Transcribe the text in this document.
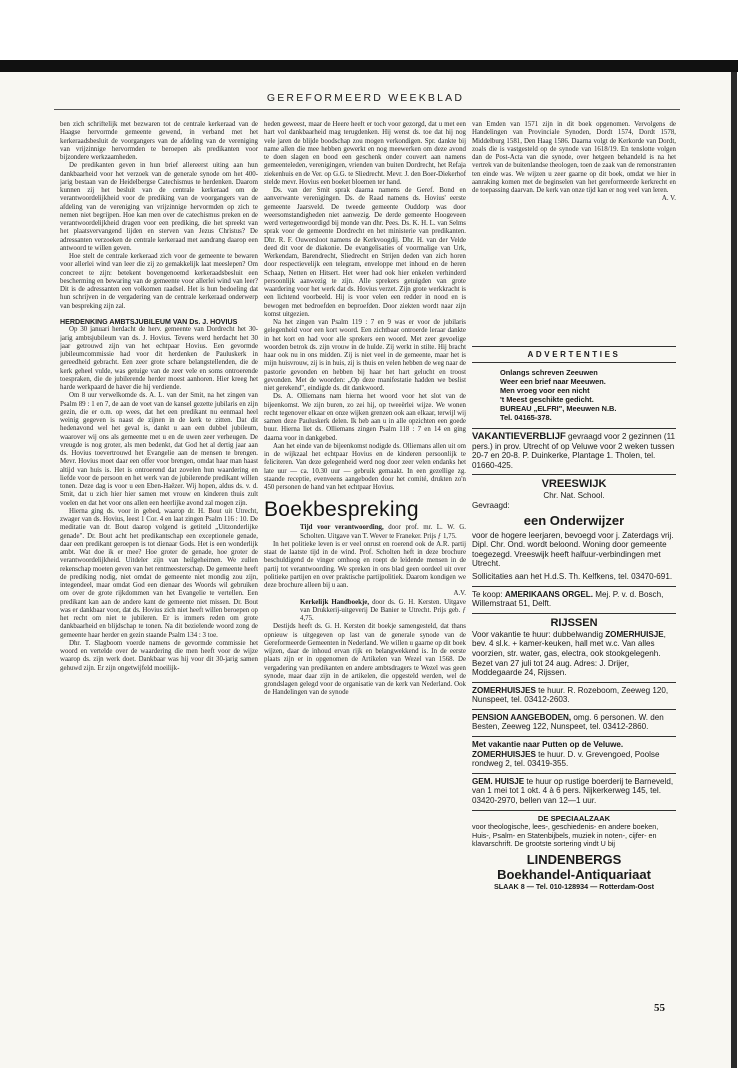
GEREFORMEERD WEEKBLAD

ben zich schriftelijk met bezwaren tot de centrale kerkeraad van de Haagse hervormde gemeente gewend, in verband met het kerkeraadsbesluit de voorgangers van de afdeling van de vereniging van vrijzinnige hervormden te beroepen als predikanten voor bijzondere werkzaamheden.

De predikanten geven in hun brief allereerst uiting aan hun dankbaarheid voor het verzoek van de generale synode om het 400-jarig bestaan van de Heidelbergse Catechismus te herdenken. Daarom kunnen zij het besluit van de centrale kerkeraad om de verantwoordelijkheid voor de prediking van de voorgangers van de afdeling van de vereniging van vrijzinnige hervormden op zich te nemen niet begrijpen. Hoe kan men over de catechismus preken en de verantwoordelijkheid dragen voor een prediking, die het spreekt van het plaatsvervangend lijden en sterven van Jezus Christus? De adressanten verzoeken de centrale kerkeraad met aandrang daarop een antwoord te willen geven.

Hoe stelt de centrale kerkeraad zich voor de gemeente te bewaren voor allerlei wind van leer die zij zo gemakkelijk laat meeslepen? Om concreet te zijn: betekent bovengenoemd kerkeraadsbesluit een bescherming en bewaring van de gemeente voor allerlei wind van leer? Dit is de adressanten een volkomen raadsel. Het is hun bedoeling dat hun schrijven in de vergadering van de centrale kerkeraad onderwerp van bespreking zijn zal.

HERDENKING AMBTSJUBILEUM VAN Ds. J. HOVIUS

Op 30 januari herdacht de herv. gemeente van Dordrecht het 30-jarig ambtsjubileum van ds. J. Hovius. Tevens werd herdacht het 30 jaar getrouwd zijn van het echtpaar Hovius. Een gevormde jubileumcommissie had voor dit herdenken de Pauluskerk in gereedheid gebracht. Een zeer grote schare belangstellenden, die de kerk geheel vulde, was getuige van de zeer vele en soms ontroerende toespraken, die de jubilerende herder moest aanhoren. Hier kreeg het harde werkpaard de haver die hij verdiende.

Om 8 uur verwelkomde ds. A. L. van der Smit, na het zingen van Psalm 89 : 1 en 7, de aan de voet van de kansel gezette jubilaris en zijn gezin, die er o.m. op wees, dat het een predikant nu eenmaal heel weinig gegeven is naast de zijnen in de kerk te zitten. Dat dit hedenavond wel het geval is, dankt u aan een dubbel jubileum, waarover wij ons als gemeente met u en de uwen zeer verheugen. De vreugde is nog groter, als men bedenkt, dat God het al dertig jaar aan ds. Hovius toevertrouwd het Evangelie aan de mensen te brengen. Mevr. Hovius moet daar een offer voor brengen, omdat haar man haast altijd van huis is. Het is ontroerend dat zovelen hun waardering en liefde voor de persoon en het werk van de jubilerende predikant willen tonen. Deze dag is voor u een Eben-Haëzer. Wij hopen, aldus ds. v. d. Smit, dat u zich hier hier samen met vrouw en kinderen thuis zult voelen en dat het voor ons allen een heerlijke avond zal mogen zijn.

Hierna ging ds. voor in gebed, waarop dr. H. Bout uit Utrecht, zwager van ds. Hovius, leest 1 Cor. 4 en laat zingen Psalm 116 : 10. De meditatie van dr. Bout daarop volgend is getiteld „Uitzonderlijke genade". Dr. Bout acht het predikantschap een exceptionele genade, daar een predikant geroepen is tot dienaar Gods. Het is een wonderlijk ambt. Wat doe ik er mee? Hoe groter de genade, hoe groter de verantwoordelijkheid. Uitdeler zijn van heilgeheimen. We zullen rekenschap moeten geven van het rentmeesterschap. De gemeente heeft de prediking nodig, niet omdat de gemeente niet mondig zou zijn, integendeel, maar omdat God een dienaar des Woords wil gebruiken om over de grote rijkdommen van het Evangelie te vertellen. Een predikant kan aan de andere kant de gemeente niet missen. Dr. Bout was er dankbaar voor, dat ds. Hovius zich niet heeft willen beroepen op het recht om niet te jubileren. Er is immers reden om grote dankbaarheid en blijdschap te tonen. Na dit bezielende woord zong de gemeente haar herder en gezin staande Psalm 134 : 3 toe.

Dhr. T. Slagboom voerde namens de gevormde commissie het woord en vertelde over de waardering die men heeft voor de wijze waarop ds. zijn werk doet. Dankbaar was hij voor dit 30-jarig samen gehuwd zijn. Er zijn ongetwijfeld moeilijk-

heden geweest, maar de Heere heeft er toch voor gezorgd, dat u met een hart vol dankbaarheid mag terugdenken. Hij wenst ds. toe dat hij nog vele jaren de blijde boodschap zou mogen verkondigen. Spr. dankte bij name allen die mee hebben gewerkt en nog meewerken om deze avond te doen slagen en bood een geschenk onder couvert aan namens gemeenteleden, verenigingen, vrienden van buiten Dordrecht, het Refaja ziekenhuis en de Ver. op G.G. te Sliedrecht. Mevr. J. den Boer-Diekerhof stelde mevr. Hovius een boeket bloemen ter hand.

Ds. van der Smit sprak daarna namens de Geref. Bond en aanverwante verenigingen. Ds. de Raad namens ds. Hovius' eerste gemeente Jaarsveld. De tweede gemeente Ouddorp was door weersomstandigheden niet aanwezig. De derde gemeente Hoogeveen werd vertegenwoordigd bij monde van dhr. Pees. Ds. K. H. L. van Selms sprak voor de gemeente Dordrecht en het ministerie van predikanten. Dhr. R. F. Ouwersloot namens de Kerkvoogdij. Dhr. H. van der Velde deed dit voor de diakonie. De evangelisaties of voormalige van Urk, Werkendam, Barendrecht, Sliedrecht en Strijen deden van zich horen door respectievelijk een telegram, enveloppe met inhoud en de heren Schaap, Netten en Hitsert. Het weer had ook hier enkelen verhinderd persoonlijk aanwezig te zijn. Alle sprekers getuigden van grote waardering voor het werk dat ds. Hovius verzet. Zijn grote werkkracht is een lichtend voorbeeld. Hij is voor velen een redder in nood en is bewogen met bedroefden en beproefden. Door ziekten wordt naar zijn komst uitgezien.

Na het zingen van Psalm 119 : 7 en 9 was er voor de jubilaris gelegenheid voor een kort woord. Een zichtbaar ontroerde leraar dankte in het kort en had voor alle sprekers een woord. Met zeer gevoelige woorden betrok ds. zijn vrouw in de hulde. Zij werkt in stilte. Hij bracht haar ook nu in ons midden. Zij is niet veel in de gemeente, maar het is mijn huisvrouw, zij is in huis, zij is thuis en velen hebben de weg naar de pastorie gevonden en hebben bij haar het hart gelucht en troost gevonden. Met de woorden: „Op deze manifestatie hadden we beslist niet gerekend", eindigde ds. dit dankwoord.

Ds. A. Olliemans nam hierna het woord voor het slot van de bijeenkomst. We zijn buren, zo zei hij, op tweeërlei wijze. We wonen recht tegenover elkaar en onze wijken grenzen ook aan elkaar, terwijl wij samen deze Pauluskerk delen. Ik heb aan u in alle opzichten een goede buur. Hierna liet ds. Olliemans zingen Psalm 118 : 7 en 14 en ging daarna voor in dankgebed.

Aan het einde van de bijeenkomst nodigde ds. Olliemans allen uit om in de wijkzaal het echtpaar Hovius en de kinderen persoonlijk te feliciteren. Van deze gelegenheid werd nog door zeer velen endanks het late uur — ca. 10.30 uur — gebruik gemaakt. In een gezellige zg. staande receptie, evenveens aangeboden door het comité, drukten zo'n 450 personen de hand van het echtpaar Hovius.

Boekbespreking

Tijd voor verantwoording, door prof. mr. L. W. G. Scholten. Uitgave van T. Wever te Franeker. Prijs ƒ 1,75.

In het politieke leven is er veel onrust en roerend ook de A.R. partij staat de laatste tijd in de wind. Prof. Scholten heft in deze brochure beschuldigend de vinger omhoog en roept de leidende mensen in de partij tot verantwoording. We spreken in ons blad geen oordeel uit over politieke partijen en over praktische partijpolitiek. Daarom kondigen we deze brochure alleen bij u aan.

A.V.

Kerkelijk Handboekje, door ds. G. H. Kersten. Uitgave van Drukkerij-uitgeverij De Banier te Utrecht. Prijs geb. ƒ 4,75.

Destijds heeft ds. G. H. Kersten dit boekje samengesteld, dat thans opnieuw is uitgegeven op last van de generale synode van de Gereformeerde Gemeenten in Nederland. We willen u gaarne op dit boek wijzen, daar de inhoud ervan rijk en belangwekkend is. In de eerste plaats zijn er in opgenomen de Artikelen van Wezel van 1568. De vergadering van predikanten en andere ambtsdragers te Wezel was geen synode, maar daar zijn in de artikelen, die opgesteld werden, wel de grondslagen gelegd voor de organisatie van de kerk van Nederland. Ook de Handelingen van de synode

van Emden van 1571 zijn in dit boek opgenomen. Vervolgens de Handelingen van Provinciale Synoden, Dordt 1574, Dordt 1578, Middelburg 1581, Den Haag 1586. Daarna volgt de Kerkorde van Dordt, zoals die is vastgesteld op de synode van 1618/19. En tenslotte volgen dan de Post-Acta van die synode, over hetgeen behandeld is na het vertrek van de buitenlandse theologen, toen de zaak van de remonstranten ten einde was. We wijzen u zeer gaarne op dit boek, omdat we hier in aanraking komen met de beginselen van het gereformeerde kerkrecht en de toepassing daarvan. De kerk van onze tijd kan er nog veel van leren.

A. V.
ADVERTENTIES
Onlangs schreven Zeeuwen
Weer een brief naar Meeuwen.
Men vroeg voor een nicht
't Meest geschikte gedicht.
BUREAU „ELFRI", Meeuwen N.B.
Tel. 04165-378.
VAKANTIEVERBLIJF gevraagd voor 2 gezinnen (11 pers.) in prov. Utrecht of op Veluwe voor 2 weken tussen 20-7 en 20-8. P. Duinkerke, Plantage 1. Tholen, tel. 01660-425.
VREESWIJK
Chr. Nat. School.
Gevraagd:
een Onderwijzer
voor de hogere leerjaren, bevoegd voor j. Zaterdags vrij. Dipl. Chr. Ond. wordt beloond. Woning door gemeente toegezegd. Vreeswijk heeft halfuur-verbindingen met Utrecht.
Sollicitaties aan het H.d.S. Th. Kelfkens, tel. 03470-691.
Te koop: AMERIKAANS ORGEL. Mej. P. v. d. Bosch, Willemstraat 51, Delft.
RIJSSEN
Voor vakantie te huur: dubbelwandig ZOMERHUISJE, bev. 4 sl.k. + kamer-keuken, hall met w.c. Van alles voorzien, str. water, gas, electra, ook stookgelegenh. Bezet van 27 juli tot 24 aug. Adres: J. Drijer, Moddegaarde 24, Rijssen.
ZOMERHUISJES te huur. R. Rozeboom, Zeeweg 120, Nunspeet, tel. 03412-2603.
PENSION AANGEBODEN, omg. 6 personen. W. den Besten, Zeeweg 122, Nunspeet, tel. 03412-2860.
Met vakantie naar Putten op de Veluwe. ZOMERHUISJES te huur. D. v. Grevengoed, Poolse rondweg 2, tel. 03419-355.
GEM. HUISJE te huur op rustige boerderij te Barneveld, van 1 mei tot 1 okt. 4 à 6 pers. Nijkerkerweg 145, tel. 03420-2970, bellen van 12—1 uur.
DE SPECIAALZAAK
voor theologische, lees-, geschiedenis- en andere boeken, Huis-, Psalm- en Statenbijbels, muziek in noten-, cijfer- en klavarschrift. De grootste sortering vindt U bij
LINDENBERGS
Boekhandel-Antiquariaat
SLAAK 8 — Tel. 010-128934 — Rotterdam-Oost
55
